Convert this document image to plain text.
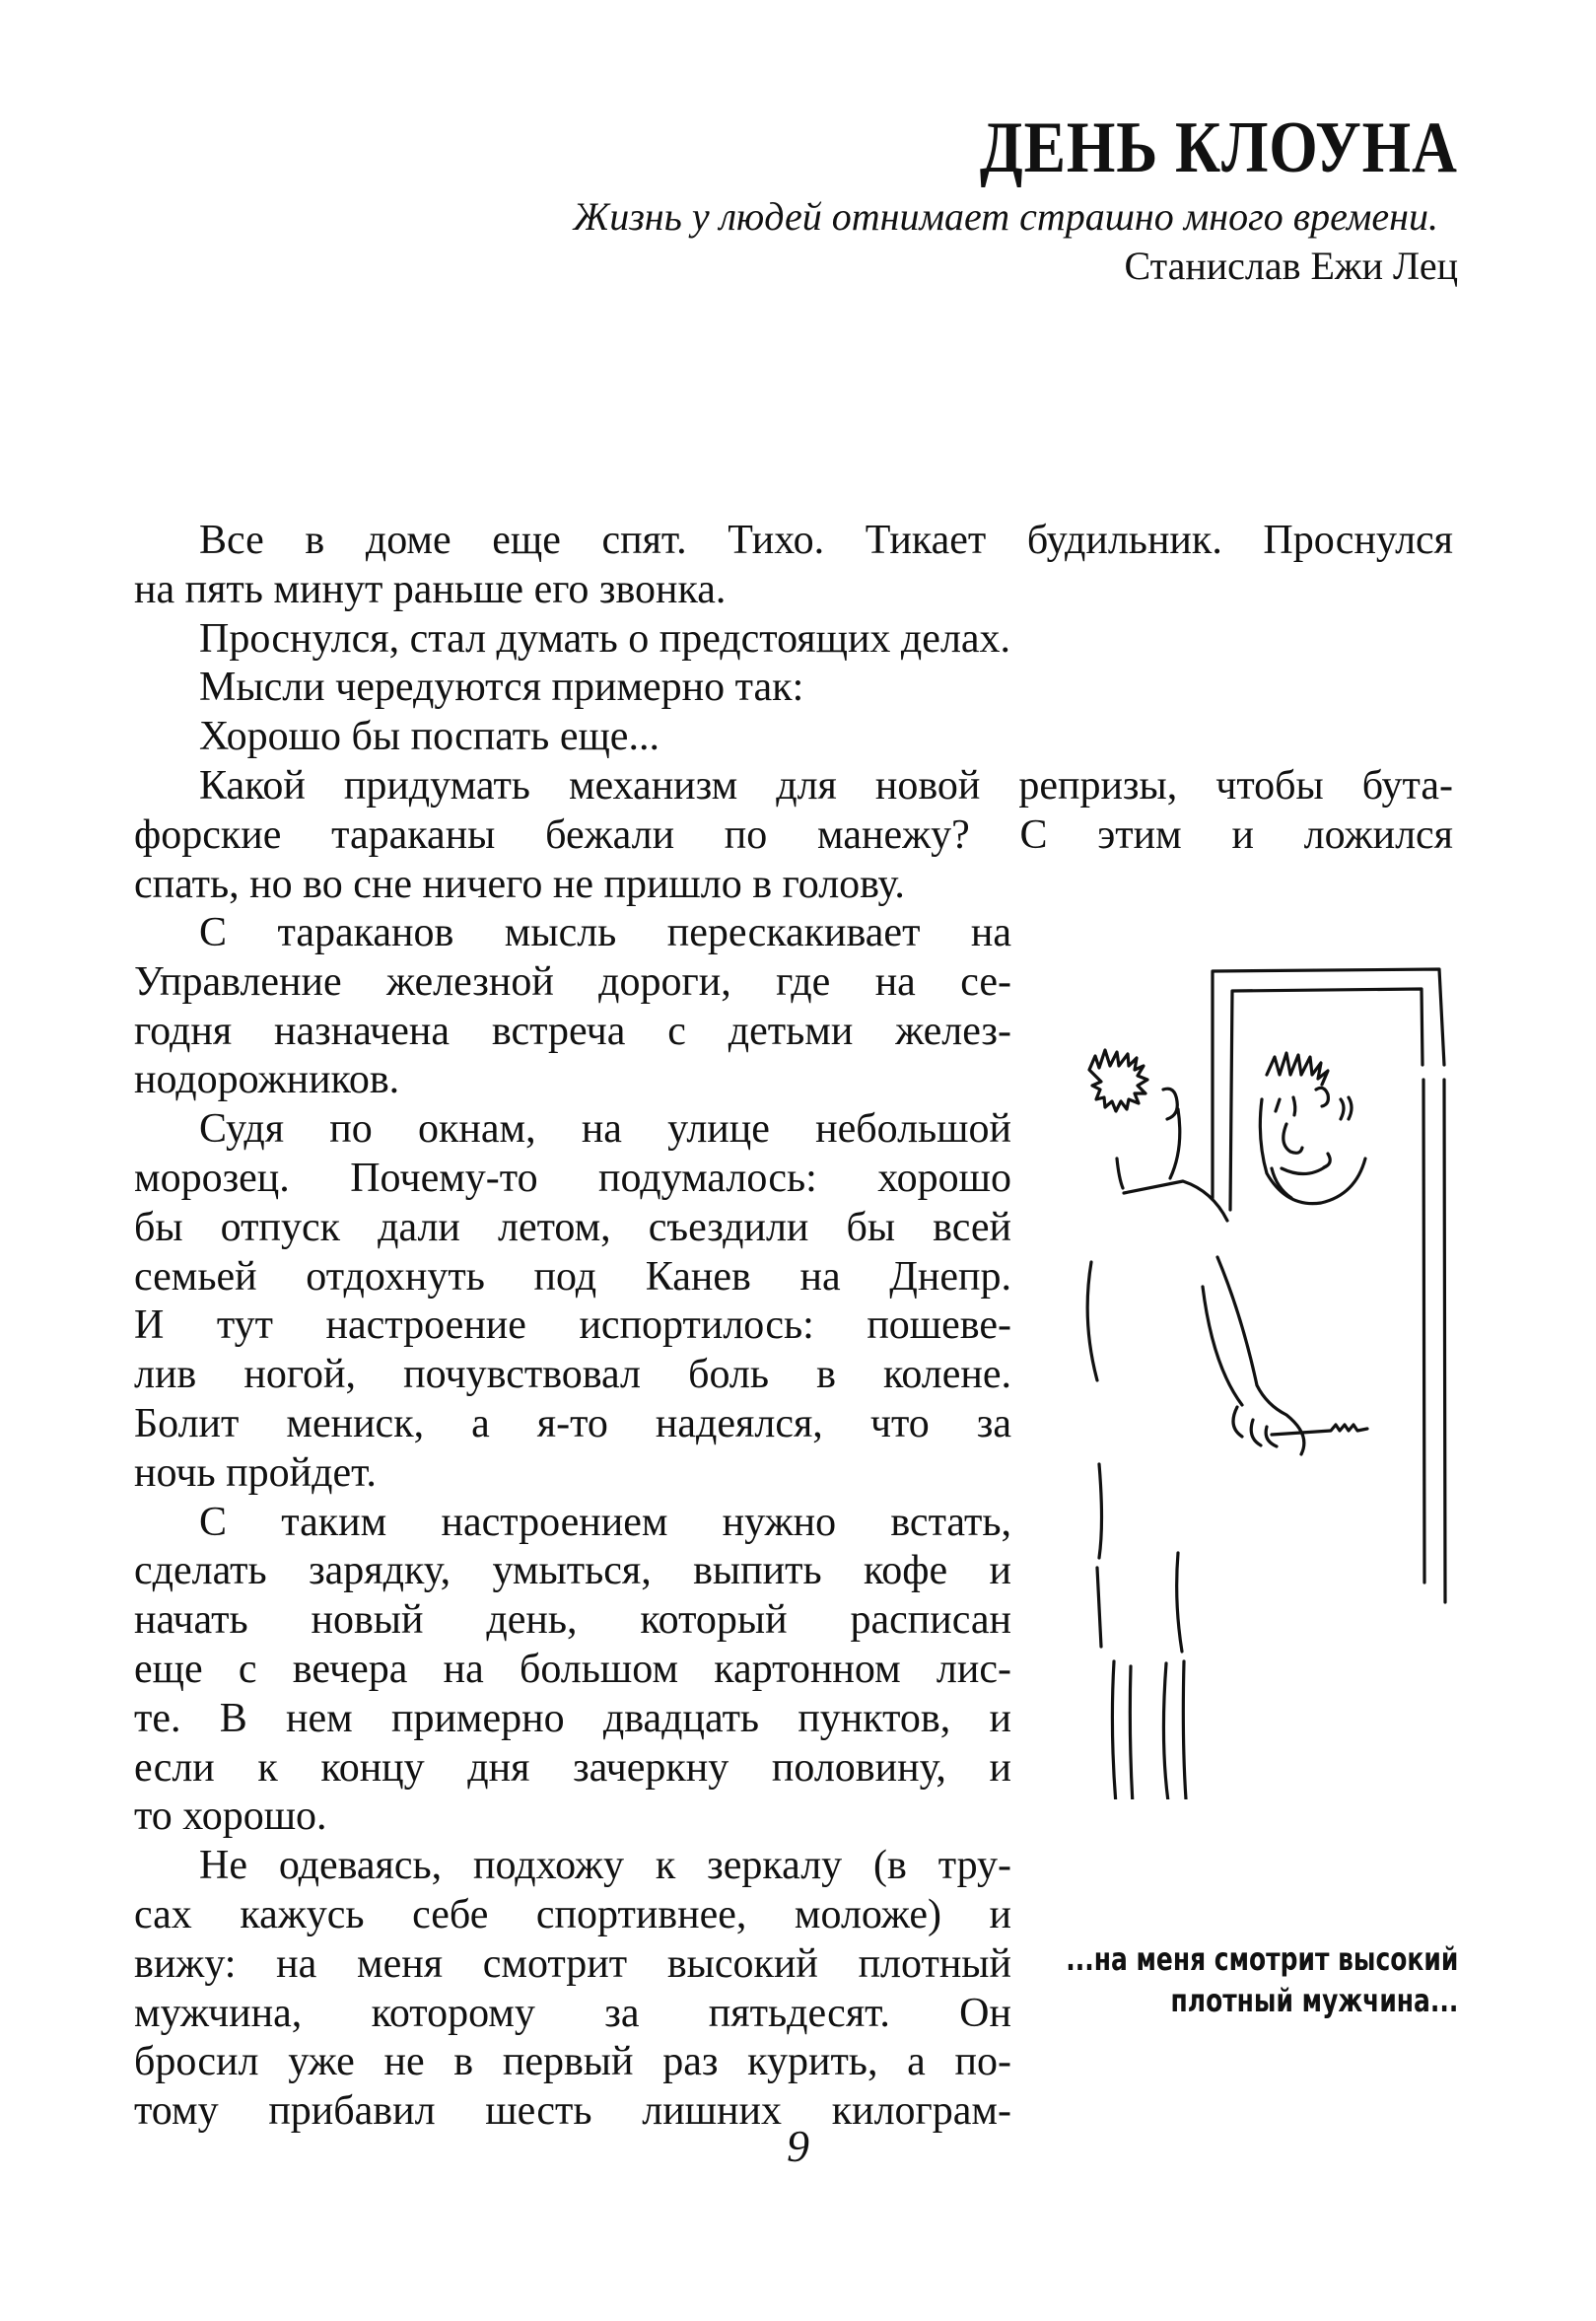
ДЕНЬ КЛОУНА
Жизнь у людей отнимает страшно много времени.
Станислав Ежи Лец
Все в доме еще спят. Тихо. Тикает будильник. Проснулся
на пять минут раньше его звонка.
Проснулся, стал думать о предстоящих делах.
Мысли чередуются примерно так:
Хорошо бы поспать еще...
Какой придумать механизм для новой репризы, чтобы бута-
форские тараканы бежали по манежу? С этим и ложился
спать, но во сне ничего не пришло в голову.
С тараканов мысль перескакивает на
Управление железной дороги, где на се-
годня назначена встреча с детьми желез-
нодорожников.
Судя по окнам, на улице небольшой
морозец. Почему-то подумалось: хорошо
бы отпуск дали летом, съездили бы всей
семьей отдохнуть под Канев на Днепр.
И тут настроение испортилось: пошеве-
лив ногой, почувствовал боль в колене.
Болит мениск, а я-то надеялся, что за
ночь пройдет.
С таким настроением нужно встать,
сделать зарядку, умыться, выпить кофе и
начать новый день, который расписан
еще с вечера на большом картонном лис-
те. В нем примерно двадцать пунктов, и
если к концу дня зачеркну половину, и
то хорошо.
Не одеваясь, подхожу к зеркалу (в тру-
сах кажусь себе спортивнее, моложе) и
вижу: на меня смотрит высокий плотный
мужчина, которому за пятьдесят. Он
бросил уже не в первый раз курить, а по-
тому прибавил шесть лишних килограм-
...на меня смотрит высокий
плотный мужчина...
9
